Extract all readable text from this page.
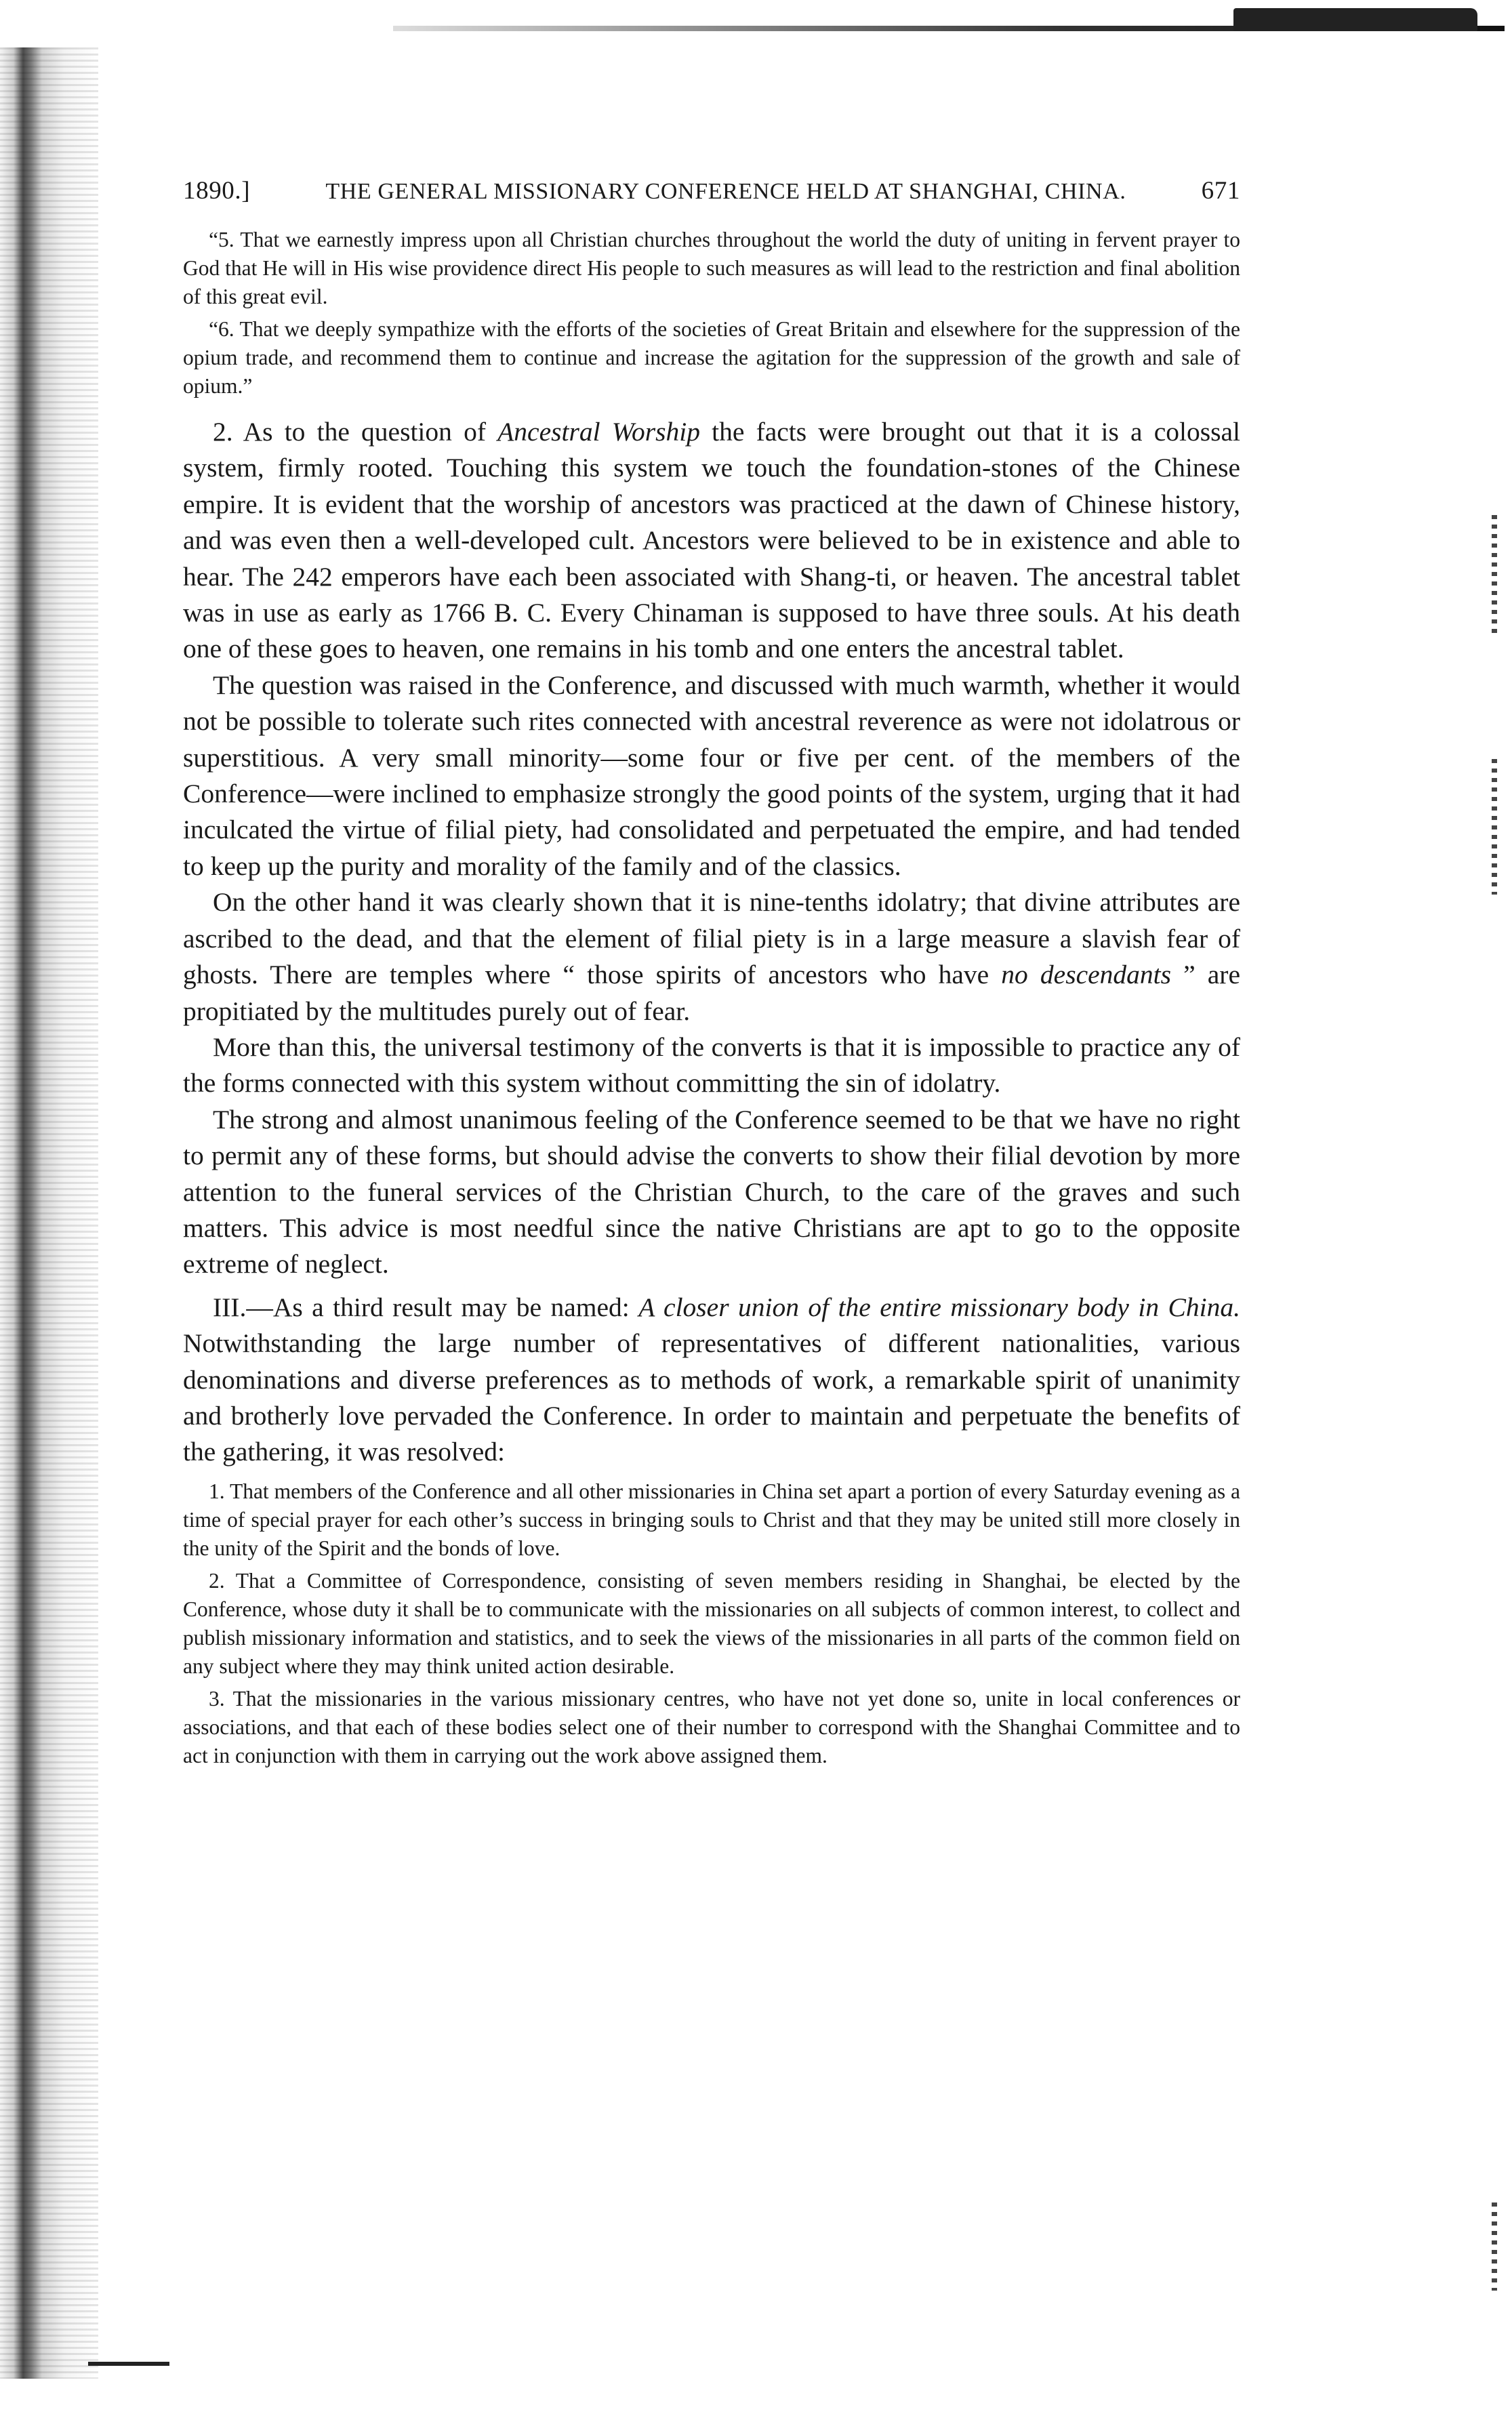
1890.]	THE GENERAL MISSIONARY CONFERENCE HELD AT SHANGHAI, CHINA.	671

“5. That we earnestly impress upon all Christian churches throughout the world the duty of uniting in fervent prayer to God that He will in His wise providence direct His people to such measures as will lead to the restriction and final abolition of this great evil.

“6. That we deeply sympathize with the efforts of the societies of Great Britain and elsewhere for the suppression of the opium trade, and recommend them to continue and increase the agitation for the suppression of the growth and sale of opium.”

2. As to the question of Ancestral Worship the facts were brought out that it is a colossal system, firmly rooted. Touching this system we touch the foundation-stones of the Chinese empire. It is evident that the worship of ancestors was practiced at the dawn of Chinese history, and was even then a well-developed cult. Ancestors were believed to be in existence and able to hear. The 242 emperors have each been associated with Shang-ti, or heaven. The ancestral tablet was in use as early as 1766 B. C. Every Chinaman is supposed to have three souls. At his death one of these goes to heaven, one remains in his tomb and one enters the ancestral tablet.

The question was raised in the Conference, and discussed with much warmth, whether it would not be possible to tolerate such rites connected with ancestral reverence as were not idolatrous or superstitious. A very small minority—some four or five per cent. of the members of the Conference—were inclined to emphasize strongly the good points of the system, urging that it had inculcated the virtue of filial piety, had consolidated and perpetuated the empire, and had tended to keep up the purity and morality of the family and of the classics.

On the other hand it was clearly shown that it is nine-tenths idolatry; that divine attributes are ascribed to the dead, and that the element of filial piety is in a large measure a slavish fear of ghosts. There are temples where “ those spirits of ancestors who have no descendants ” are propitiated by the multitudes purely out of fear.

More than this, the universal testimony of the converts is that it is impossible to practice any of the forms connected with this system without committing the sin of idolatry.

The strong and almost unanimous feeling of the Conference seemed to be that we have no right to permit any of these forms, but should advise the converts to show their filial devotion by more attention to the funeral services of the Christian Church, to the care of the graves and such matters. This advice is most needful since the native Christians are apt to go to the opposite extreme of neglect.

III.—As a third result may be named: A closer union of the entire missionary body in China. Notwithstanding the large number of representatives of different nationalities, various denominations and diverse preferences as to methods of work, a remarkable spirit of unanimity and brotherly love pervaded the Conference. In order to maintain and perpetuate the benefits of the gathering, it was resolved:

1. That members of the Conference and all other missionaries in China set apart a portion of every Saturday evening as a time of special prayer for each other’s success in bringing souls to Christ and that they may be united still more closely in the unity of the Spirit and the bonds of love.

2. That a Committee of Correspondence, consisting of seven members residing in Shanghai, be elected by the Conference, whose duty it shall be to communicate with the missionaries on all subjects of common interest, to collect and publish missionary information and statistics, and to seek the views of the missionaries in all parts of the common field on any subject where they may think united action desirable.

3. That the missionaries in the various missionary centres, who have not yet done so, unite in local conferences or associations, and that each of these bodies select one of their number to correspond with the Shanghai Committee and to act in conjunction with them in carrying out the work above assigned them.
